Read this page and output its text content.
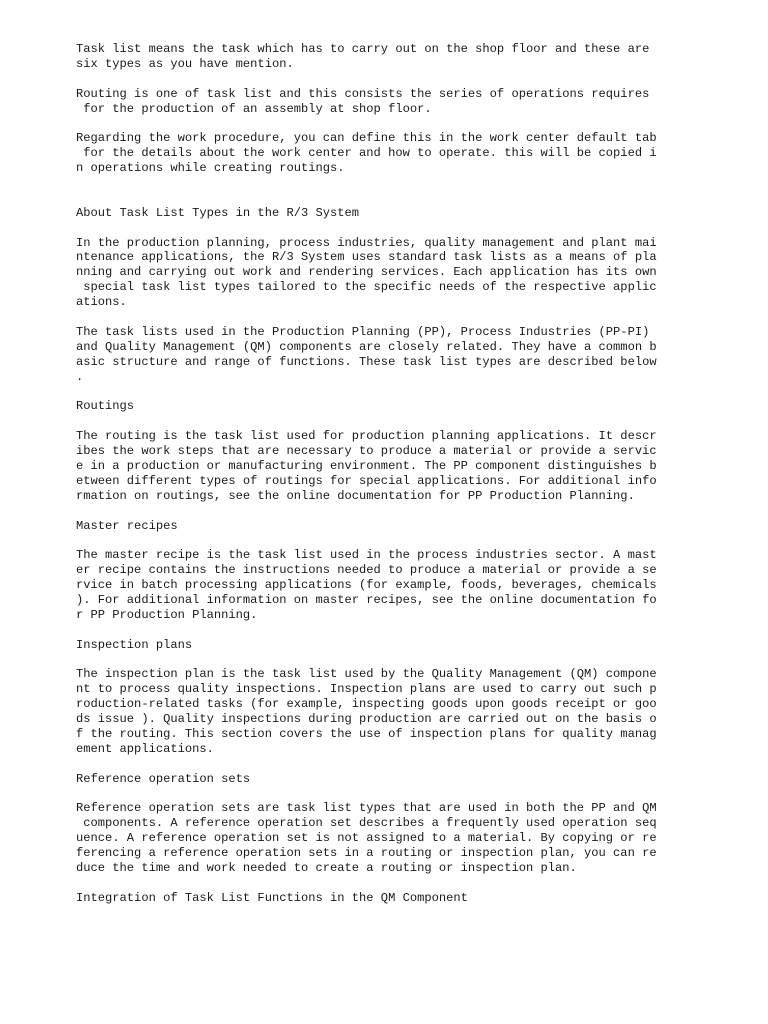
Task list means the task which has to carry out on the shop floor and these are
six types as you have mention.
Routing is one of task list and this consists the series of operations requires
for the production of an assembly at shop floor.
Regarding the work procedure, you can define this in the work center default tab
for the details about the work center and how to operate. this will be copied i
n operations while creating routings.
About Task List Types in the R/3 System
In the production planning, process industries, quality management and plant mai
ntenance applications, the R/3 System uses standard task lists as a means of pla
nning and carrying out work and rendering services. Each application has its own
special task list types tailored to the specific needs of the respective applic
ations.
The task lists used in the Production Planning (PP), Process Industries (PP-PI)
and Quality Management (QM) components are closely related. They have a common b
asic structure and range of functions. These task list types are described below
.
Routings
The routing is the task list used for production planning applications. It descr
ibes the work steps that are necessary to produce a material or provide a servic
e in a production or manufacturing environment. The PP component distinguishes b
etween different types of routings for special applications. For additional info
rmation on routings, see the online documentation for PP Production Planning.
Master recipes
The master recipe is the task list used in the process industries sector. A mast
er recipe contains the instructions needed to produce a material or provide a se
rvice in batch processing applications (for example, foods, beverages, chemicals
). For additional information on master recipes, see the online documentation fo
r PP Production Planning.
Inspection plans
The inspection plan is the task list used by the Quality Management (QM) compone
nt to process quality inspections. Inspection plans are used to carry out such p
roduction-related tasks (for example, inspecting goods upon goods receipt or goo
ds issue ). Quality inspections during production are carried out on the basis o
f the routing. This section covers the use of inspection plans for quality manag
ement applications.
Reference operation sets
Reference operation sets are task list types that are used in both the PP and QM
components. A reference operation set describes a frequently used operation seq
uence. A reference operation set is not assigned to a material. By copying or re
ferencing a reference operation sets in a routing or inspection plan, you can re
duce the time and work needed to create a routing or inspection plan.
Integration of Task List Functions in the QM Component
